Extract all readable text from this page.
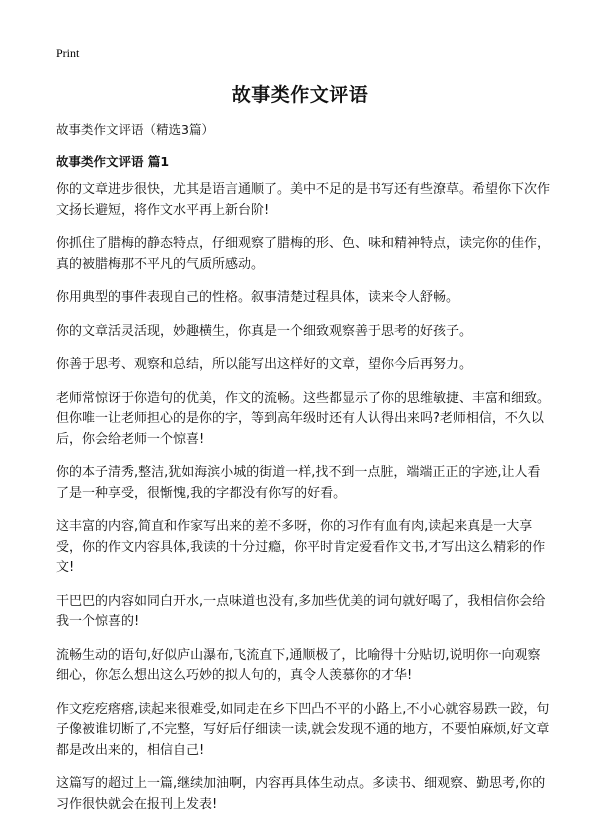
Print
故事类作文评语

故事类作文评语（精选3篇）

故事类作文评语 篇1

你的文章进步很快，尤其是语言通顺了。美中不足的是书写还有些潦草。希望你下次作文扬长避短，将作文水平再上新台阶!

你抓住了腊梅的静态特点，仔细观察了腊梅的形、色、味和精神特点，读完你的佳作，真的被腊梅那不平凡的气质所感动。

你用典型的事件表现自己的性格。叙事清楚过程具体，读来令人舒畅。

你的文章活灵活现，妙趣横生，你真是一个细致观察善于思考的好孩子。

你善于思考、观察和总结，所以能写出这样好的文章，望你今后再努力。

老师常惊讶于你造句的优美，作文的流畅。这些都显示了你的思维敏捷、丰富和细致。但你唯一让老师担心的是你的字，等到高年级时还有人认得出来吗?老师相信，不久以后，你会给老师一个惊喜!

你的本子清秀,整洁,犹如海滨小城的街道一样,找不到一点脏，端端正正的字迹,让人看了是一种享受，很惭愧,我的字都没有你写的好看。

这丰富的内容,简直和作家写出来的差不多呀，你的习作有血有肉,读起来真是一大享受，你的作文内容具体,我读的十分过瘾，你平时肯定爱看作文书,才写出这么精彩的作文!

干巴巴的内容如同白开水,一点味道也没有,多加些优美的词句就好喝了，我相信你会给我一个惊喜的!

流畅生动的语句,好似庐山瀑布,飞流直下,通顺极了，比喻得十分贴切,说明你一向观察细心，你怎么想出这么巧妙的拟人句的，真令人羡慕你的才华!

作文疙疙瘩瘩,读起来很难受,如同走在乡下凹凸不平的小路上,不小心就容易跌一跤，句子像被谁切断了,不完整，写好后仔细读一读,就会发现不通的地方，不要怕麻烦,好文章都是改出来的，相信自己!

这篇写的超过上一篇,继续加油啊，内容再具体生动点。多读书、细观察、勤思考,你的习作很快就会在报刊上发表!
